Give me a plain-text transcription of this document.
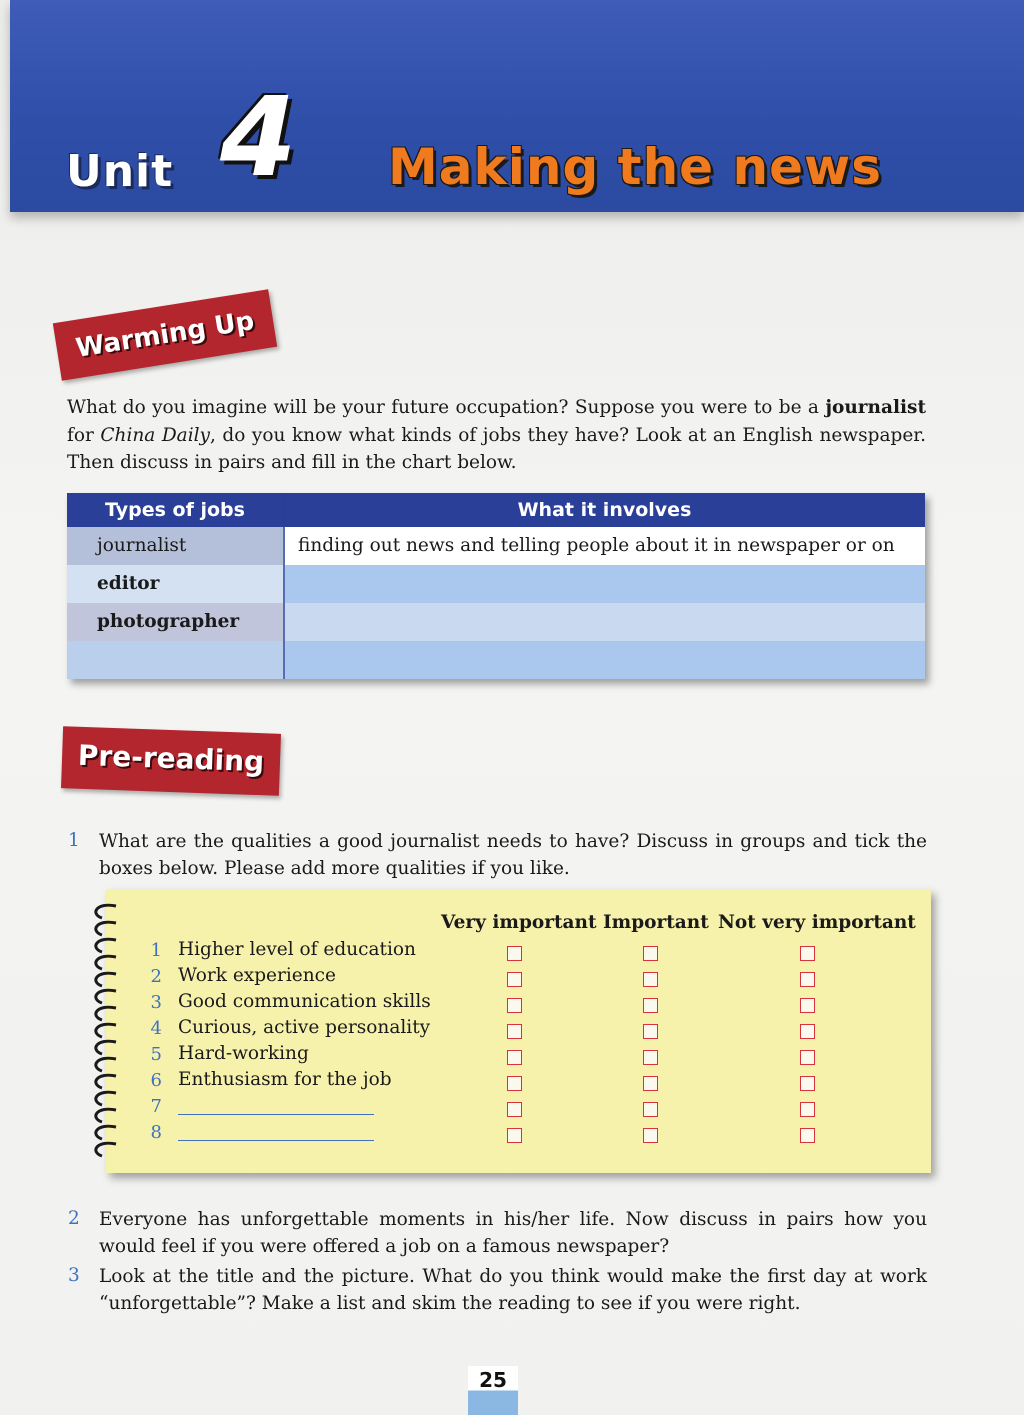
Unit 4 Making the news
Warming Up
What do you imagine will be your future occupation? Suppose you were to be a journalist for China Daily, do you know what kinds of jobs they have? Look at an English newspaper. Then discuss in pairs and fill in the chart below.
Types of jobs	What it involves
journalist	finding out news and telling people about it in newspaper or on
editor
photographer
Pre-reading
1 What are the qualities a good journalist needs to have? Discuss in groups and tick the boxes below. Please add more qualities if you like.
Very important Important Not very important
1 Higher level of education
2 Work experience
3 Good communication skills
4 Curious, active personality
5 Hard-working
6 Enthusiasm for the job
7
8
2 Everyone has unforgettable moments in his/her life. Now discuss in pairs how you would feel if you were offered a job on a famous newspaper?
3 Look at the title and the picture. What do you think would make the first day at work “unforgettable”? Make a list and skim the reading to see if you were right.
25
